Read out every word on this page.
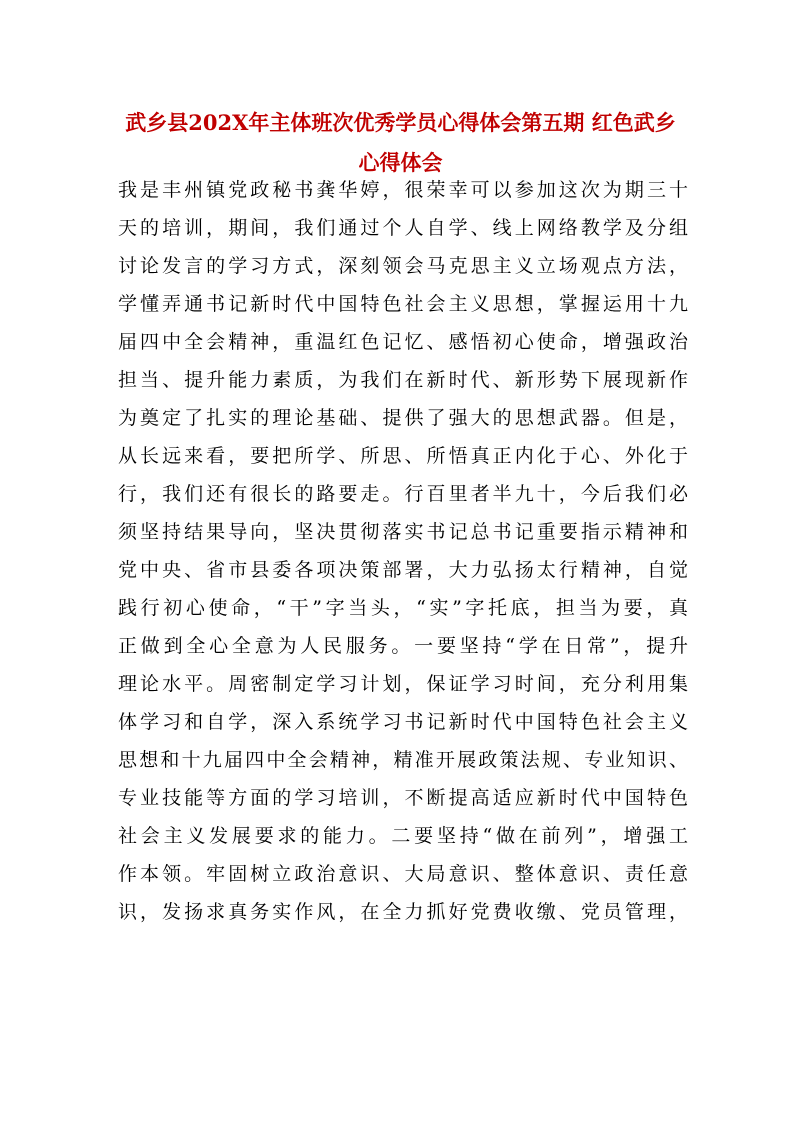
武乡县202X年主体班次优秀学员心得体会第五期 红色武乡心得体会
我是丰州镇党政秘书龚华婷，很荣幸可以参加这次为期三十
天的培训，期间，我们通过个人自学、线上网络教学及分组
讨论发言的学习方式，深刻领会马克思主义立场观点方法，
学懂弄通书记新时代中国特色社会主义思想，掌握运用十九
届四中全会精神，重温红色记忆、感悟初心使命，增强政治
担当、提升能力素质，为我们在新时代、新形势下展现新作
为奠定了扎实的理论基础、提供了强大的思想武器。但是，
从长远来看，要把所学、所思、所悟真正内化于心、外化于
行，我们还有很长的路要走。行百里者半九十，今后我们必
须坚持结果导向，坚决贯彻落实书记总书记重要指示精神和
党中央、省市县委各项决策部署，大力弘扬太行精神，自觉
践行初心使命，“干”字当头，“实”字托底，担当为要，真
正做到全心全意为人民服务。一要坚持“学在日常”，提升
理论水平。周密制定学习计划，保证学习时间，充分利用集
体学习和自学，深入系统学习书记新时代中国特色社会主义
思想和十九届四中全会精神，精准开展政策法规、专业知识、
专业技能等方面的学习培训，不断提高适应新时代中国特色
社会主义发展要求的能力。二要坚持“做在前列”，增强工
作本领。牢固树立政治意识、大局意识、整体意识、责任意
识，发扬求真务实作风，在全力抓好党费收缴、党员管理，
